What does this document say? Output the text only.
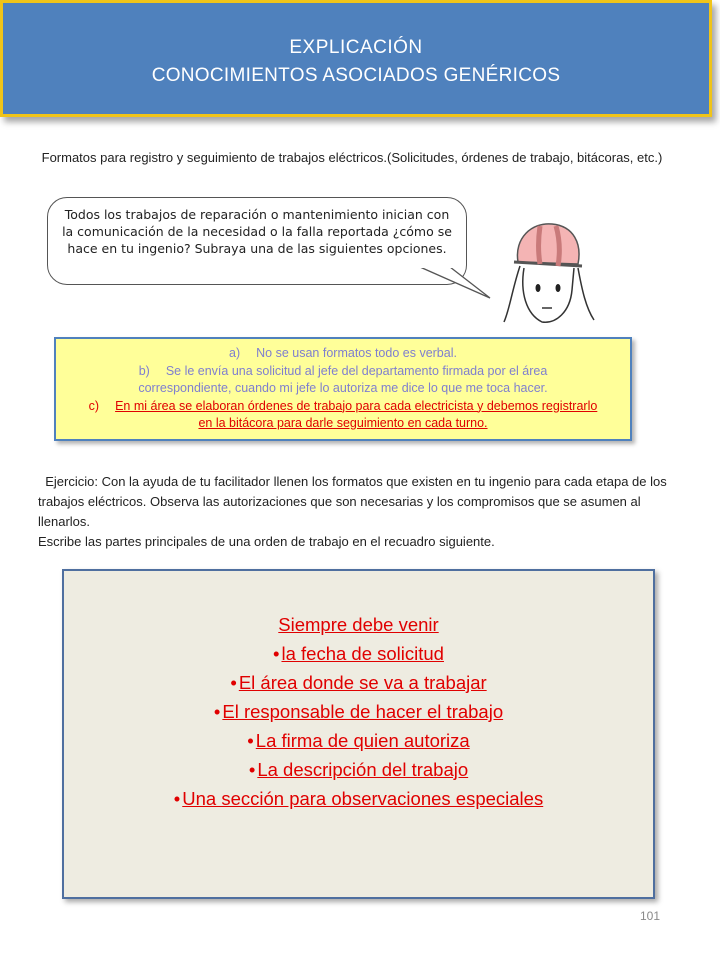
EXPLICACIÓN
CONOCIMIENTOS ASOCIADOS GENÉRICOS
Formatos para registro y seguimiento de trabajos eléctricos.(Solicitudes, órdenes de trabajo, bitácoras, etc.)
Todos los trabajos de reparación o mantenimiento inician con la comunicación de la necesidad o la falla reportada ¿cómo se hace en tu ingenio? Subraya una de las siguientes opciones.
a) No se usan formatos todo es verbal.
b) Se le envía una solicitud al jefe del departamento firmada por el área correspondiente, cuando mi jefe lo autoriza me dice lo que me toca hacer.
c) En mi área se elaboran órdenes de trabajo para cada electricista y debemos registrarlo en la bitácora para darle seguimiento en cada turno.
Ejercicio: Con la ayuda de tu facilitador llenen los formatos que existen en tu ingenio para cada etapa de los trabajos eléctricos. Observa las autorizaciones que son necesarias y los compromisos que se asumen al llenarlos.
Escribe las partes principales de una orden de trabajo en el recuadro siguiente.
Siempre debe venir
• la fecha de solicitud
• El área donde se va a trabajar
• El responsable de hacer el trabajo
• La firma de quien autoriza
• La descripción del trabajo
• Una sección para observaciones especiales
101
